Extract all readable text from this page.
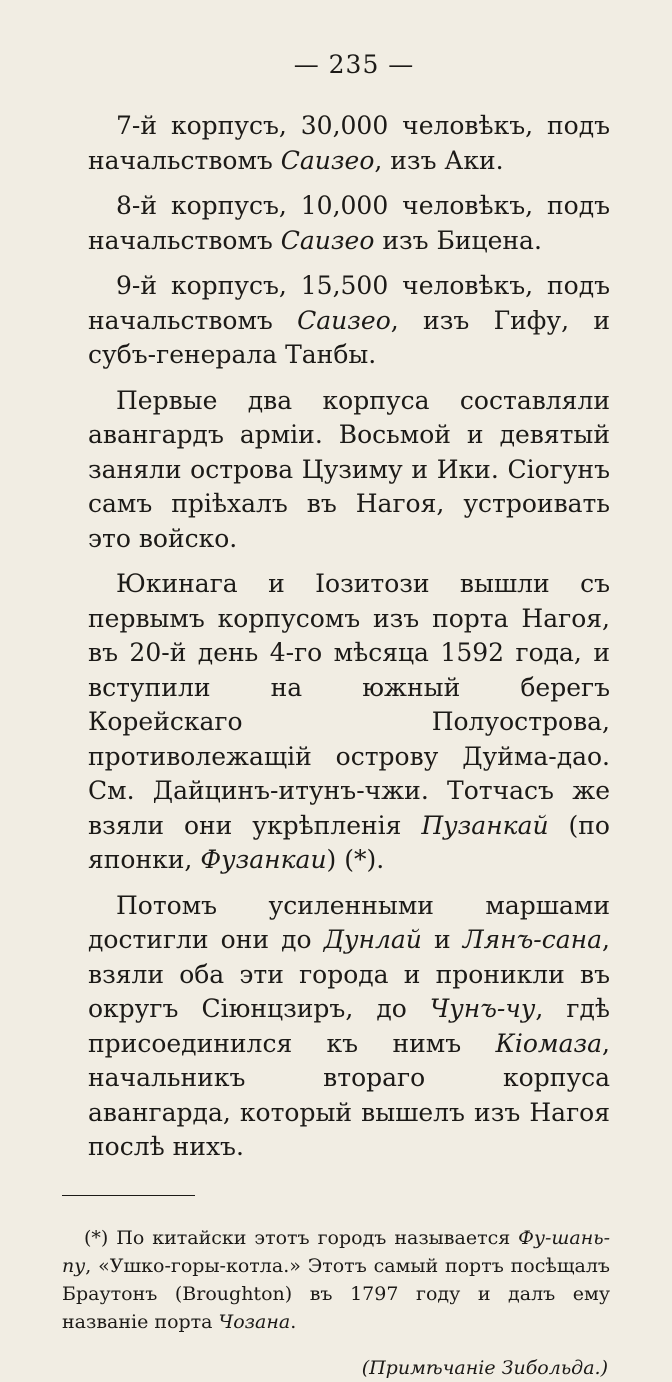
— 235 —

7-й корпусъ, 30,000 человѣкъ, подъ начальствомъ Саизео, изъ Аки.

8-й корпусъ, 10,000 человѣкъ, подъ начальствомъ Саизео изъ Бицена.

9-й корпусъ, 15,500 человѣкъ, подъ начальствомъ Саизео, изъ Гифу, и субъ-генерала Танбы.

Первые два корпуса составляли авангардъ арміи. Восьмой и девятый заняли острова Цузиму и Ики. Сіогунъ самъ пріѣхалъ въ Нагоя, устроивать это войско.

Юкинага и Іозитози вышли съ первымъ корпусомъ изъ порта Нагоя, въ 20-й день 4-го мѣсяца 1592 года, и вступили на южный берегъ Корейскаго Полуострова, противолежащій острову Дуйма-дао. См. Дайцинъ-итунъ-чжи. Тотчасъ же взяли они укрѣпленія Пузанкай (по японки, Фузанкаи) (*).

Потомъ усиленными маршами достигли они до Дунлай и Лянъ-сана, взяли оба эти города и проникли въ округъ Сіюнцзиръ, до Чунъ-чу, гдѣ присоединился къ нимъ Кіомаза, начальникъ втораго корпуса авангарда, который вышелъ изъ Нагоя послѣ нихъ.

(*) По китайски этотъ городъ называется Фу-шань-пу, «Ушко-горы-котла.» Этотъ самый портъ посѣщалъ Браутонъ (Broughton) въ 1797 году и далъ ему названіе порта Чозана.

(Примѣчаніе Зибольда.)
